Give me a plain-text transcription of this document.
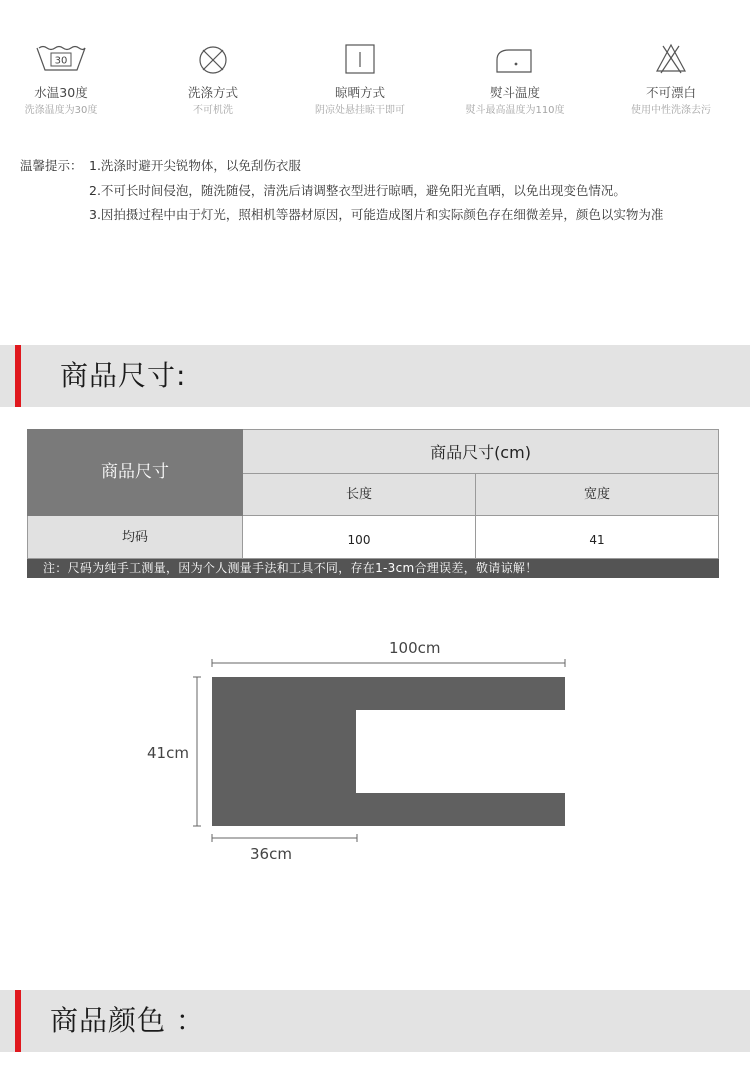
30
水温30度
洗涤温度为30度
洗涤方式
不可机洗
晾晒方式
阴凉处悬挂晾干即可
熨斗温度
熨斗最高温度为110度
不可漂白
使用中性洗涤去污
温馨提示： 1.洗涤时避开尖锐物体，以免刮伤衣服
2.不可长时间侵泡，随洗随侵，清洗后请调整衣型进行晾晒，避免阳光直晒，以免出现变色情况。
3.因拍摄过程中由于灯光，照相机等器材原因，可能造成图片和实际颜色存在细微差异，颜色以实物为准
商品尺寸:
商品尺寸
商品尺寸(cm)
长度	宽度
均码	100	41
注：尺码为纯手工测量，因为个人测量手法和工具不同，存在1-3cm合理误差，敬请谅解！
100cm
41cm
36cm
商品颜色 ：
